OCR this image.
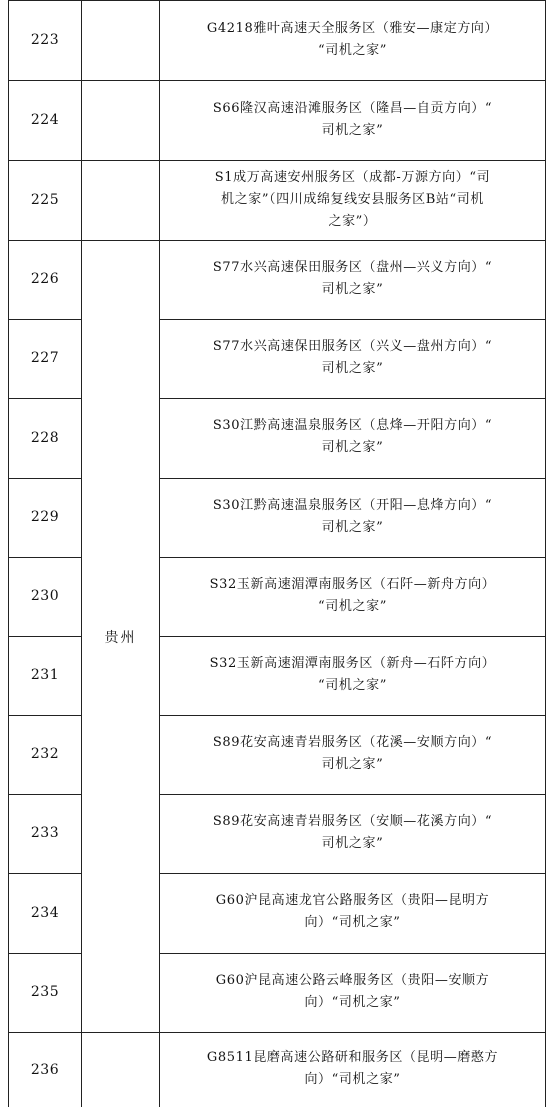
223
G4218雅叶高速天全服务区（雅安—康定方向）
“司机之家”
224
S66隆汉高速沿滩服务区（隆昌—自贡方向）“
司机之家”
225
S1成万高速安州服务区（成都-万源方向）“司
机之家”（四川成绵复线安县服务区B站“司机
之家”）
226
S77水兴高速保田服务区（盘州—兴义方向）“
司机之家”
227
S77水兴高速保田服务区（兴义—盘州方向）“
司机之家”
228
S30江黔高速温泉服务区（息烽—开阳方向）“
司机之家”
229
S30江黔高速温泉服务区（开阳—息烽方向）“
司机之家”
230
S32玉新高速湄潭南服务区（石阡—新舟方向）
“司机之家”
231
S32玉新高速湄潭南服务区（新舟—石阡方向）
“司机之家”
232
S89花安高速青岩服务区（花溪—安顺方向）“
司机之家”
233
S89花安高速青岩服务区（安顺—花溪方向）“
司机之家”
234
G60沪昆高速龙官公路服务区（贵阳—昆明方
向）“司机之家”
235
G60沪昆高速公路云峰服务区（贵阳—安顺方
向）“司机之家”
236
G8511昆磨高速公路研和服务区（昆明—磨憨方
向）“司机之家”
贵州
